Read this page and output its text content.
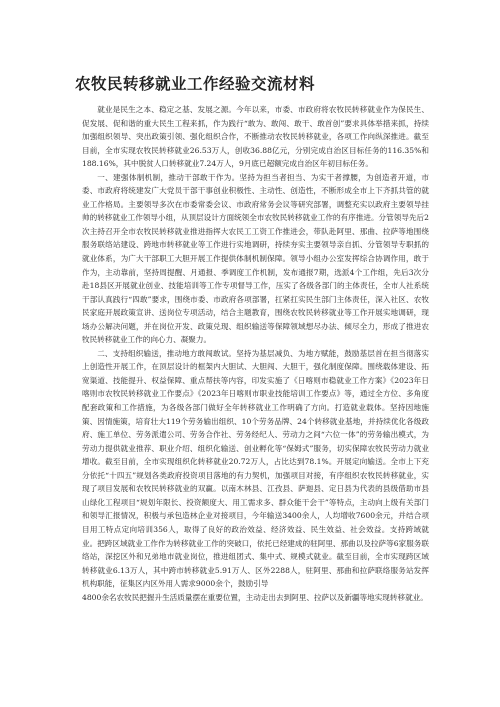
农牧民转移就业工作经验交流材料

就业是民生之本、稳定之基、发展之源。今年以来，市委、市政府将农牧民转移就业作为保民生、促发展、促和谐的重大民生工程来抓，作为践行“敢为、敢闯、敢干、敢首创”要求具体举措来抓，持续加强组织领导、突出政策引领、强化组织合作，不断推动农牧民转移就业，各项工作向纵深推进。截至目前，全市实现农牧民转移就业26.53万人，创收36.88亿元，分别完成自治区目标任务的116.35%和188.16%，其中脱贫人口转移就业7.24万人，9月底已超额完成自治区年初目标任务。

一、建强体制机制，推动干部敢干作为。坚持为担当者担当、为实干者撑腰，为创造者开道，市委、市政府将统建发广大党员干部干事创业积极性、主动性、创造性，不断形成全市上下齐抓共管的就业工作格局。主要领导多次在市委常委会议、市政府常务会议等研究部署，调整充实以政府主要领导挂帅的转移就业工作领导小组，从顶层设计方面统领全市农牧民转移就业工作的有序推进。分管领导先后2次主持召开全市农牧民转移就业推进指挥大农民工工资工作推进会，带队赴阿里、那曲、拉萨等地围绕服务联络站建设、跨地市转移就业等工作进行实地调研，持续夯实主要领导亲自抓、分管领导专职抓的就业体系，为广大干部职工大胆开展工作提供体制机制保障。领导小组办公室发挥综合协调作用，敢于作为，主动靠前，坚持周提醒、月通报、季调度工作机制，发布通报7期，选派4个工作组，先后3次分赴18县区开展就业创业、技能培训等工作专项督导工作，压实了各级各部门的主体责任，全市人社系统干部认真践行“四敢”要求，围绕市委、市政府各项部署，扛紧扛实民生部门主体责任，深入社区、农牧民家庭开展政策宣讲、送岗位专项活动，结合主题教育，围绕农牧民转移就业等工作开展实地调研，现场办公解决问题，并在岗位开发、政策兑现、组织输送等保障领域想尽办法、倾尽全力，形成了推进农牧民转移就业工作的向心力、凝聚力。

二、支持组织输送，推动地方敢闯敢试。坚持为基层减负、为地方赋能，鼓励基层首在担当彻落实上创造性开展工作，在顶层设计的框架内大胆试、大胆闯、大胆干，强化制度保障。围绕载体建设、拓宽渠道、技能提升、权益保障、重点帮扶等内容，印发实施了《日喀则市稳就业工作方案》《2023年日喀则市农牧民转移就业工作要点》《2023年日喀则市职业技能培训工作要点》等，通过全方位、多角度配套政策和工作措施，为各级各部门做好全年转移就业工作明确了方向。打造就业载体。坚持因地施策、因情施策，培育壮大119个劳务输出组织、10个劳务品牌、24个转移就业基地，并持续优化各级政府、施工单位、劳务派遣公司、劳务合作社、劳务经纪人、劳动力之间“六位一体”的劳务输出模式，为劳动力提供就业推荐、职业介绍、组织化输送、创业孵化等“保姆式”服务，切实保障农牧民劳动力就业增收。截至目前，全市实现组织化转移就业20.72万人，占比达到78.1%。开展定向输送。全市上下充分依托“十四五”规划各类政府投资项目落地的有力契机，加强项目对接，有序组织农牧民转移就业，实现了项目发展和农牧民转移就业的双赢。以南木林县、江孜县、萨迦县、定日县为代表的县级借助市县山绿化工程项目“规划年限长、投资额度大、用工需求多、群众能干会干”等特点，主动向上级有关部门和领导汇报情况，积极与承包造林企业对接项目，今年输送3400余人，人均增收7600余元，并结合项目用工特点定向培训356人，取得了良好的政治效益、经济效益、民生效益、社会效益。支持跨域就业。把跨区域就业工作作为转移就业工作的突破口，依托已经建成的驻阿里、那曲以及拉萨等6家服务联络站，深挖区外和兄弟地市就业岗位，推进组团式、集中式、规模式就业。截至目前，全市实现跨区域转移就业6.13万人，其中跨市转移就业5.91万人、区外2288人，驻阿里、那曲和拉萨联络服务站发挥机构职能，征集区内区外用人需求9000余个，鼓励引导

4800余名农牧民把握升生活质量摆在重要位置，主动走出去到阿里、拉萨以及新疆等地实现转移就业。
